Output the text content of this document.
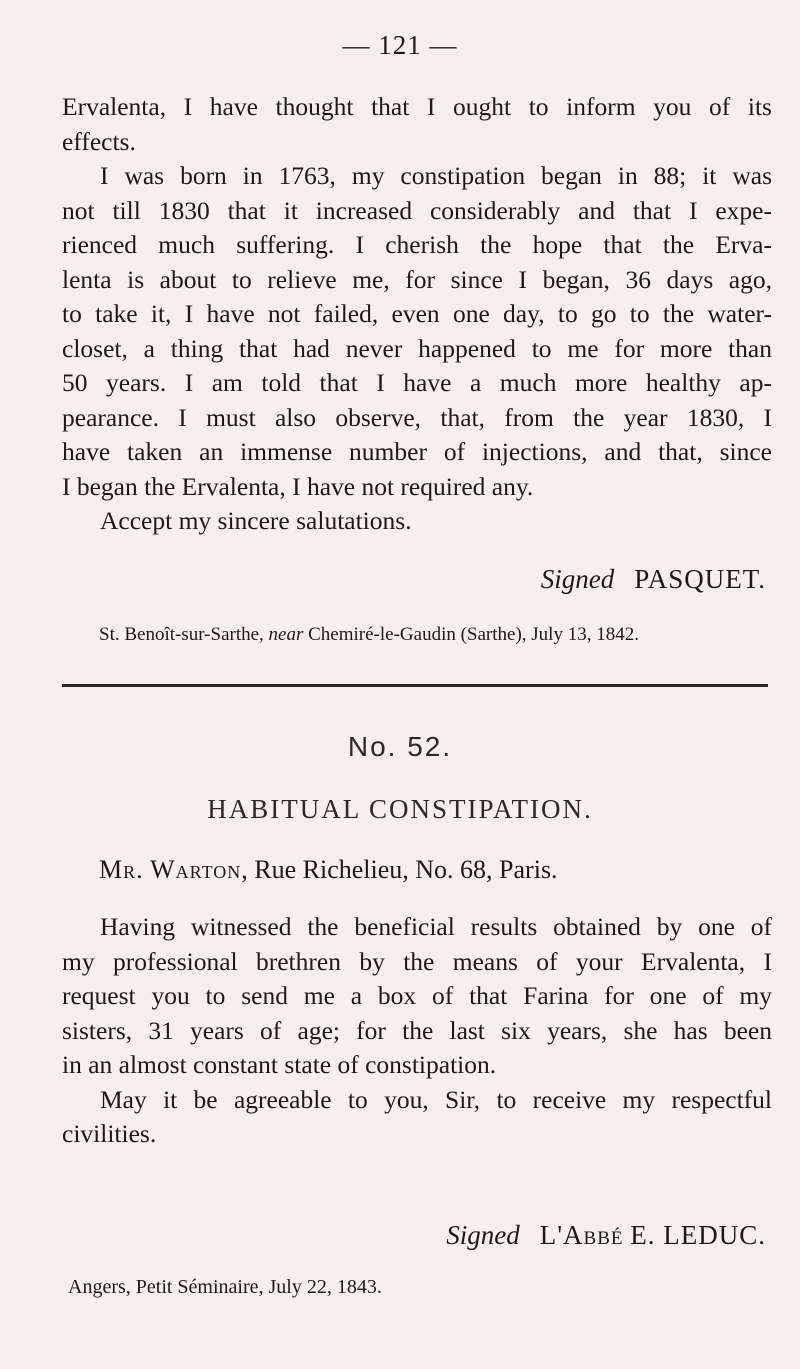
— 121 —
Ervalenta, I have thought that I ought to inform you of its
effects.
I was born in 1763, my constipation began in 88; it was
not till 1830 that it increased considerably and that I expe-
rienced much suffering. I cherish the hope that the Erva-
lenta is about to relieve me, for since I began, 36 days ago,
to take it, I have not failed, even one day, to go to the water-
closet, a thing that had never happened to me for more than
50 years. I am told that I have a much more healthy ap-
pearance. I must also observe, that, from the year 1830, I
have taken an immense number of injections, and that, since
I began the Ervalenta, I have not required any.
Accept my sincere salutations.
Signed PASQUET.
St. Benoît-sur-Sarthe, near Chemiré-le-Gaudin (Sarthe), July 13, 1842.
No. 52.
HABITUAL CONSTIPATION.
Mr. Warton, Rue Richelieu, No. 68, Paris.
Having witnessed the beneficial results obtained by one of
my professional brethren by the means of your Ervalenta, I
request you to send me a box of that Farina for one of my
sisters, 31 years of age; for the last six years, she has been
in an almost constant state of constipation.
May it be agreeable to you, Sir, to receive my respectful
civilities.
Signed L'Abbé E. LEDUC.
Angers, Petit Séminaire, July 22, 1843.
